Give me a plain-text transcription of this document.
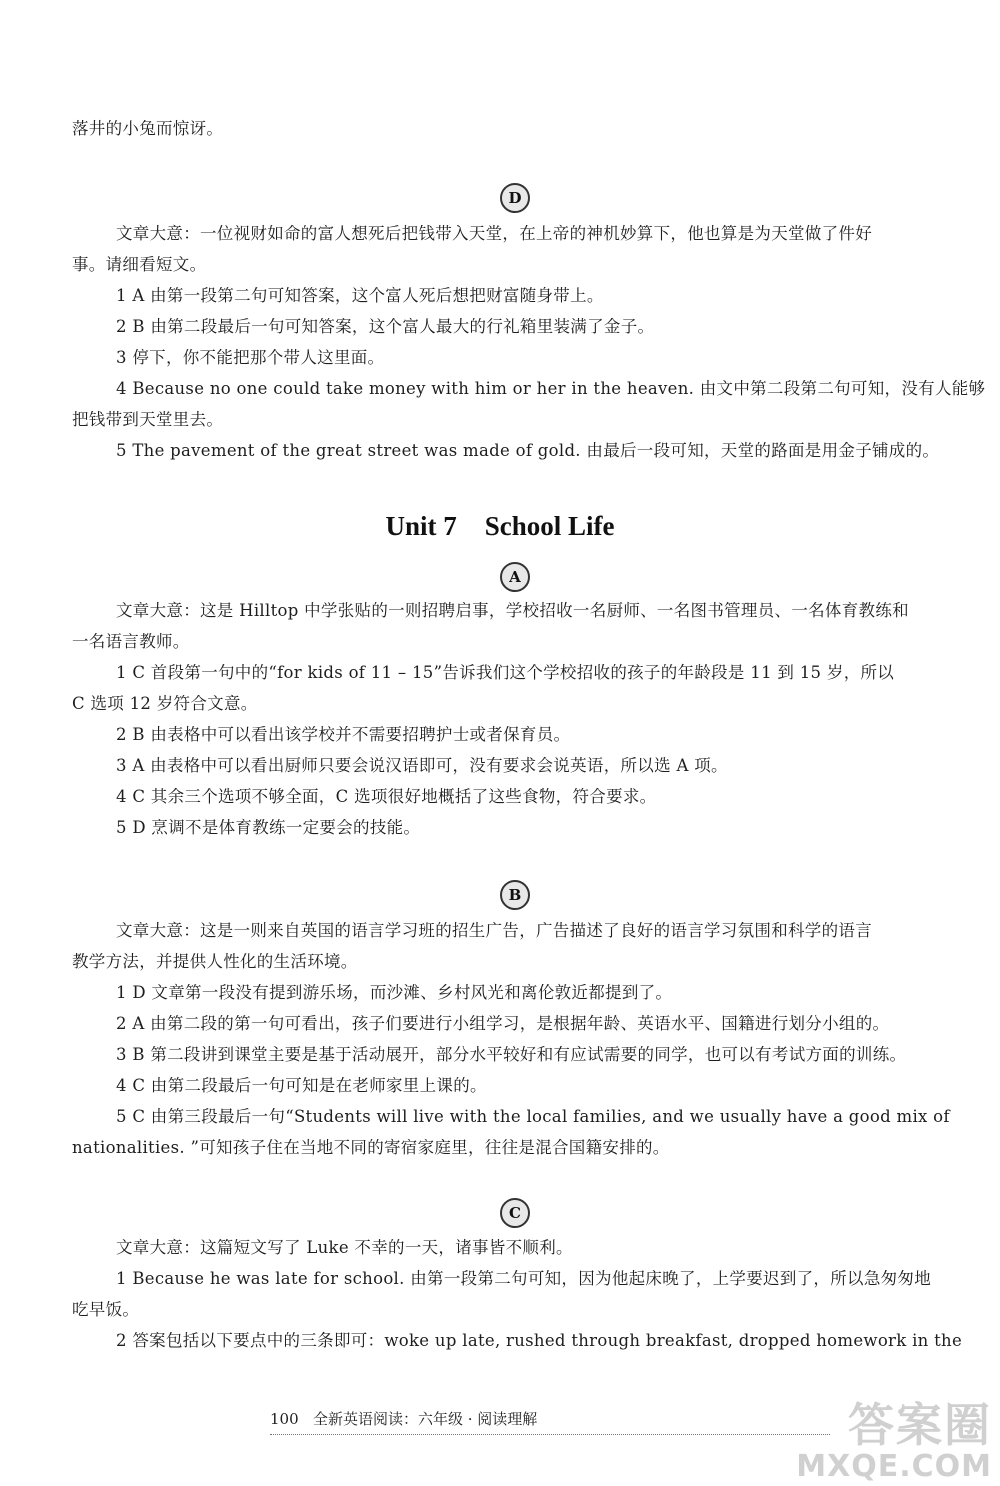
落井的小兔而惊讶。
D
文章大意：一位视财如命的富人想死后把钱带入天堂，在上帝的神机妙算下，他也算是为天堂做了件好
事。请细看短文。
1 A 由第一段第二句可知答案，这个富人死后想把财富随身带上。
2 B 由第二段最后一句可知答案，这个富人最大的行礼箱里装满了金子。
3 停下，你不能把那个带人这里面。
4 Because no one could take money with him or her in the heaven. 由文中第二段第二句可知，没有人能够
把钱带到天堂里去。
5 The pavement of the great street was made of gold. 由最后一段可知，天堂的路面是用金子铺成的。
Unit 7 School Life
A
文章大意：这是 Hilltop 中学张贴的一则招聘启事，学校招收一名厨师、一名图书管理员、一名体育教练和
一名语言教师。
1 C 首段第一句中的“for kids of 11 – 15”告诉我们这个学校招收的孩子的年龄段是 11 到 15 岁，所以
C 选项 12 岁符合文意。
2 B 由表格中可以看出该学校并不需要招聘护士或者保育员。
3 A 由表格中可以看出厨师只要会说汉语即可，没有要求会说英语，所以选 A 项。
4 C 其余三个选项不够全面，C 选项很好地概括了这些食物，符合要求。
5 D 烹调不是体育教练一定要会的技能。
B
文章大意：这是一则来自英国的语言学习班的招生广告，广告描述了良好的语言学习氛围和科学的语言
教学方法，并提供人性化的生活环境。
1 D 文章第一段没有提到游乐场，而沙滩、乡村风光和离伦敦近都提到了。
2 A 由第二段的第一句可看出，孩子们要进行小组学习，是根据年龄、英语水平、国籍进行划分小组的。
3 B 第二段讲到课堂主要是基于活动展开，部分水平较好和有应试需要的同学，也可以有考试方面的训练。
4 C 由第二段最后一句可知是在老师家里上课的。
5 C 由第三段最后一句“Students will live with the local families, and we usually have a good mix of
nationalities. ”可知孩子住在当地不同的寄宿家庭里，往往是混合国籍安排的。
C
文章大意：这篇短文写了 Luke 不幸的一天，诸事皆不顺利。
1 Because he was late for school. 由第一段第二句可知，因为他起床晚了，上学要迟到了，所以急匆匆地
吃早饭。
2 答案包括以下要点中的三条即可：woke up late, rushed through breakfast, dropped homework in the
100 全新英语阅读：六年级 · 阅读理解	答案圈
MXQE.COM
